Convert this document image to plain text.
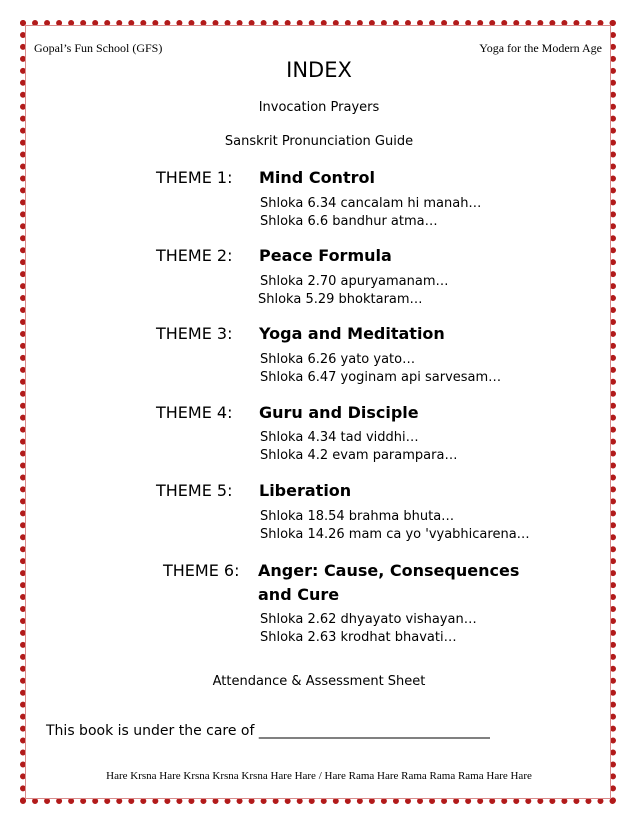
Gopal’s Fun School (GFS)	Yoga for the Modern Age
INDEX
Invocation Prayers
Sanskrit Pronunciation Guide
THEME 1: Mind Control
Shloka 6.34 cancalam hi manah…
Shloka 6.6 bandhur atma…
THEME 2: Peace Formula
Shloka 2.70 apuryamanam…
Shloka 5.29 bhoktaram…
THEME 3: Yoga and Meditation
Shloka 6.26 yato yato…
Shloka 6.47 yoginam api sarvesam…
THEME 4: Guru and Disciple
Shloka 4.34 tad viddhi…
Shloka 4.2 evam parampara…
THEME 5: Liberation
Shloka 18.54 brahma bhuta…
Shloka 14.26 mam ca yo 'vyabhicarena…
THEME 6: Anger: Cause, Consequences
and Cure
Shloka 2.62 dhyayato vishayan…
Shloka 2.63 krodhat bhavati…
Attendance & Assessment Sheet
This book is under the care of _________________________________
Hare Krsna Hare Krsna Krsna Krsna Hare Hare / Hare Rama Hare Rama Rama Rama Hare Hare
